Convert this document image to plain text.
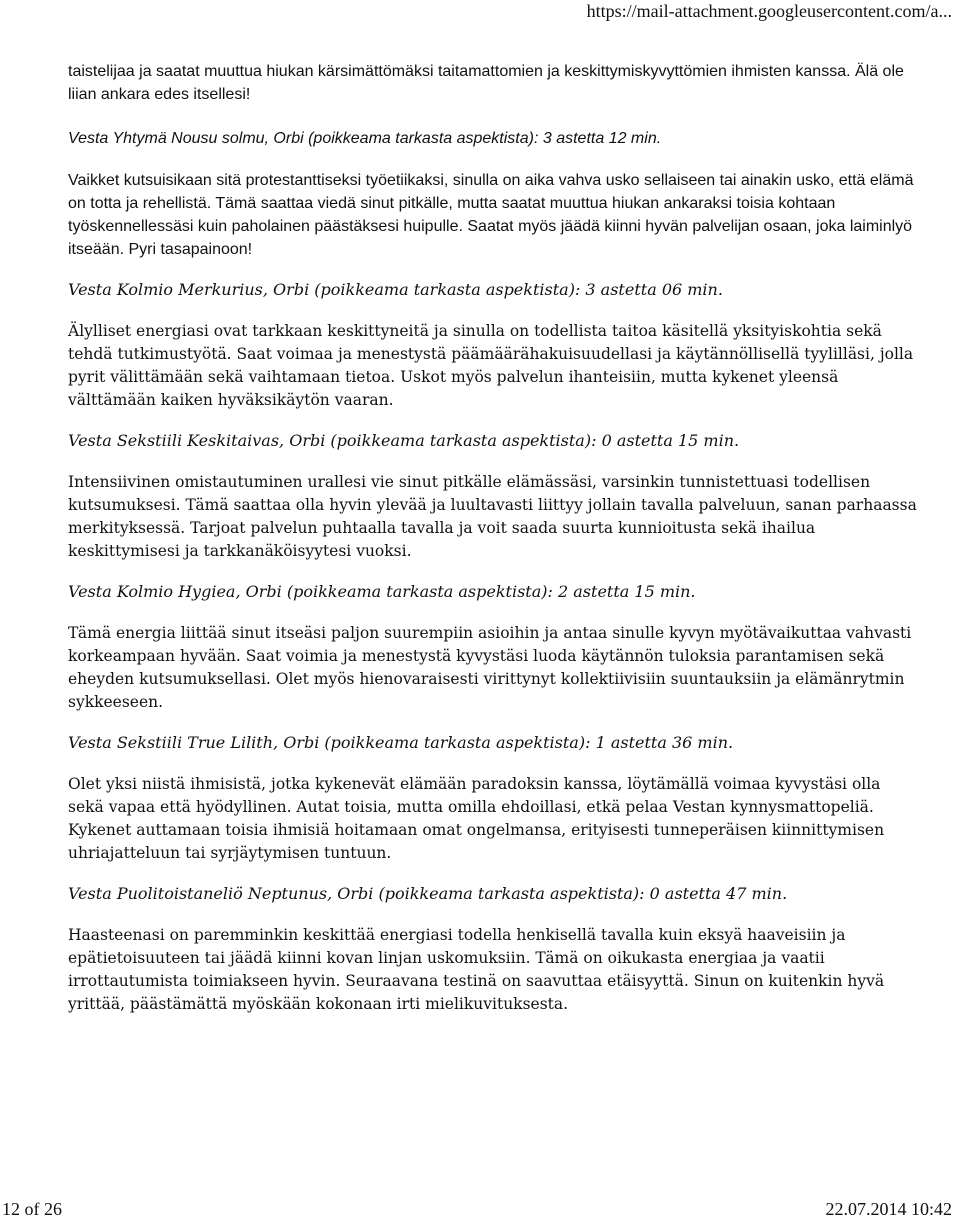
https://mail-attachment.googleusercontent.com/a...

taistelijaa ja saatat muuttua hiukan kärsimättömäksi taitamattomien ja keskittymiskyvyttömien ihmisten kanssa. Älä ole liian ankara edes itsellesi!

Vesta Yhtymä Nousu solmu, Orbi (poikkeama tarkasta aspektista): 3 astetta 12 min.

Vaikket kutsuisikaan sitä protestanttiseksi työetiikaksi, sinulla on aika vahva usko sellaiseen tai ainakin usko, että elämä on totta ja rehellistä. Tämä saattaa viedä sinut pitkälle, mutta saatat muuttua hiukan ankaraksi toisia kohtaan työskennellessäsi kuin paholainen päästäksesi huipulle. Saatat myös jäädä kiinni hyvän palvelijan osaan, joka laiminlyö itseään. Pyri tasapainoon!

Vesta Kolmio Merkurius, Orbi (poikkeama tarkasta aspektista): 3 astetta 06 min.

Älylliset energiasi ovat tarkkaan keskittyneitä ja sinulla on todellista taitoa käsitellä yksityiskohtia sekä tehdä tutkimustyötä. Saat voimaa ja menestystä päämäärähakuisuudellasi ja käytännöllisellä tyylilläsi, jolla pyrit välittämään sekä vaihtamaan tietoa. Uskot myös palvelun ihanteisiin, mutta kykenet yleensä välttämään kaiken hyväksikäytön vaaran.

Vesta Sekstiili Keskitaivas, Orbi (poikkeama tarkasta aspektista): 0 astetta 15 min.

Intensiivinen omistautuminen urallesi vie sinut pitkälle elämässäsi, varsinkin tunnistettuasi todellisen kutsumuksesi. Tämä saattaa olla hyvin ylevää ja luultavasti liittyy jollain tavalla palveluun, sanan parhaassa merkityksessä. Tarjoat palvelun puhtaalla tavalla ja voit saada suurta kunnioitusta sekä ihailua keskittymisesi ja tarkkanäköisyytesi vuoksi.

Vesta Kolmio Hygiea, Orbi (poikkeama tarkasta aspektista): 2 astetta 15 min.

Tämä energia liittää sinut itseäsi paljon suurempiin asioihin ja antaa sinulle kyvyn myötävaikuttaa vahvasti korkeampaan hyvään. Saat voimia ja menestystä kyvystäsi luoda käytännön tuloksia parantamisen sekä eheyden kutsumuksellasi. Olet myös hienovaraisesti virittynyt kollektiivisiin suuntauksiin ja elämänrytmin sykkeeseen.

Vesta Sekstiili True Lilith, Orbi (poikkeama tarkasta aspektista): 1 astetta 36 min.

Olet yksi niistä ihmisistä, jotka kykenevät elämään paradoksin kanssa, löytämällä voimaa kyvystäsi olla sekä vapaa että hyödyllinen. Autat toisia, mutta omilla ehdoillasi, etkä pelaa Vestan kynnysmattopeliä. Kykenet auttamaan toisia ihmisiä hoitamaan omat ongelmansa, erityisesti tunneperäisen kiinnittymisen uhriajatteluun tai syrjäytymisen tuntuun.

Vesta Puolitoistaneliö Neptunus, Orbi (poikkeama tarkasta aspektista): 0 astetta 47 min.

Haasteenasi on paremminkin keskittää energiasi todella henkisellä tavalla kuin eksyä haaveisiin ja epätietoisuuteen tai jäädä kiinni kovan linjan uskomuksiin. Tämä on oikukasta energiaa ja vaatii irrottautumista toimiakseen hyvin. Seuraavana testinä on saavuttaa etäisyyttä. Sinun on kuitenkin hyvä yrittää, päästämättä myöskään kokonaan irti mielikuvituksesta.

12 of 26	22.07.2014 10:42
